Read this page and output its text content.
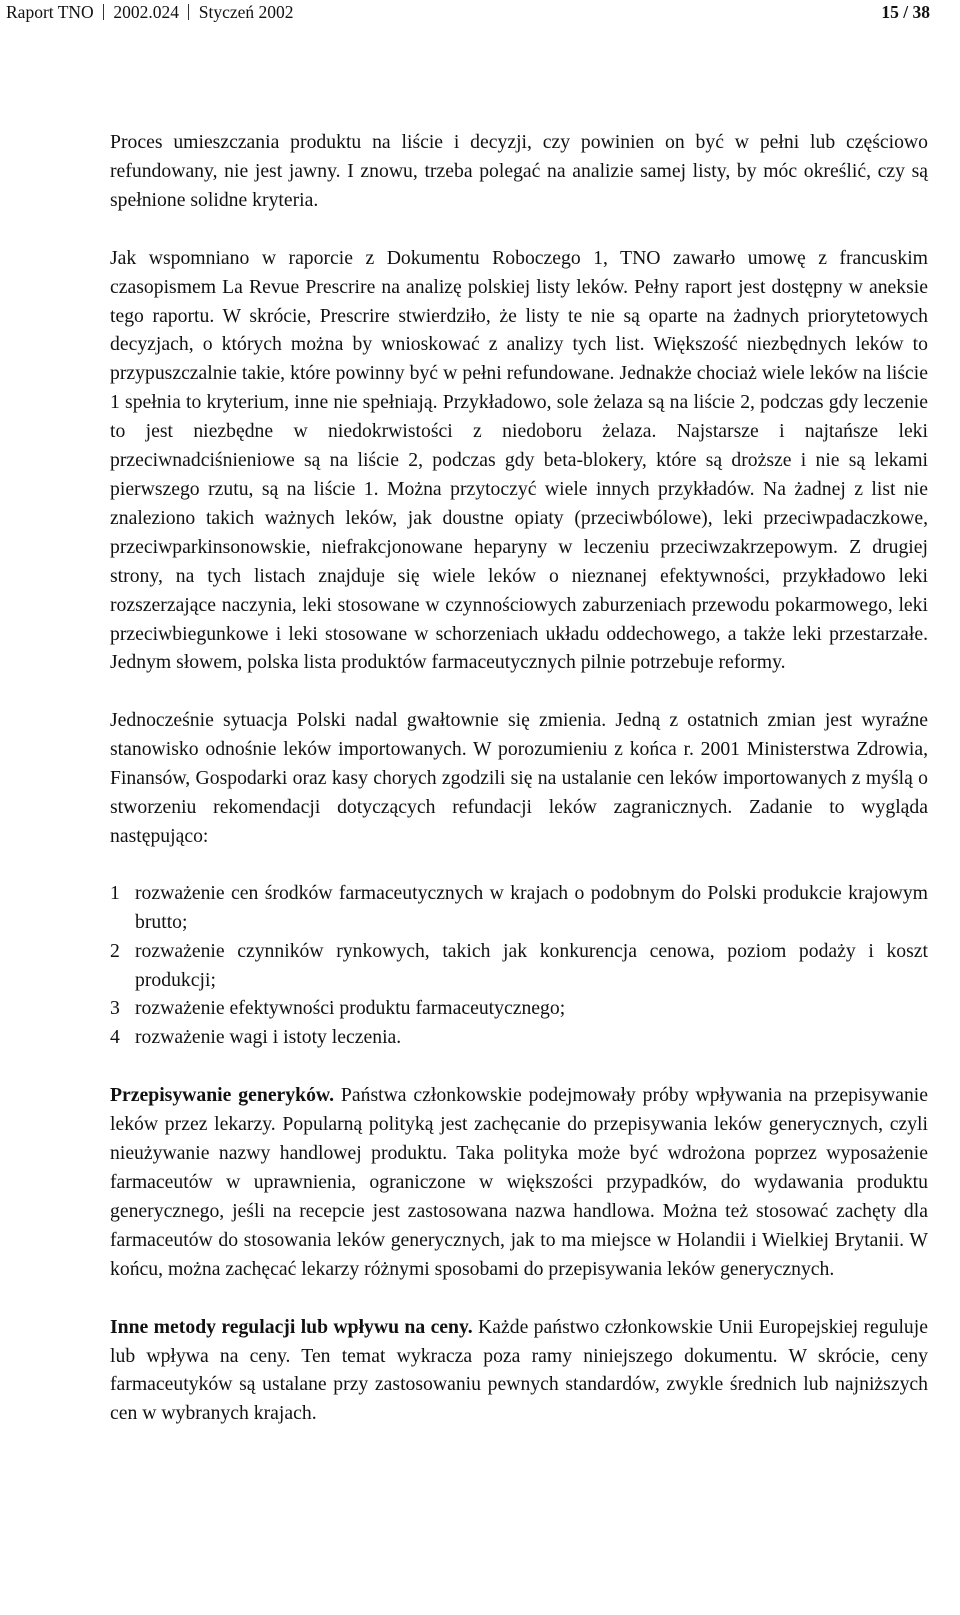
Raport TNO 2002.024 Styczeń 2002	15 / 38

Proces umieszczania produktu na liście i decyzji, czy powinien on być w pełni lub częściowo refundowany, nie jest jawny. I znowu, trzeba polegać na analizie samej listy, by móc określić, czy są spełnione solidne kryteria.

Jak wspomniano w raporcie z Dokumentu Roboczego 1, TNO zawarło umowę z francuskim czasopismem La Revue Prescrire na analizę polskiej listy leków. Pełny raport jest dostępny w aneksie tego raportu. W skrócie, Prescrire stwierdziło, że listy te nie są oparte na żadnych priorytetowych decyzjach, o których można by wnioskować z analizy tych list. Większość niezbędnych leków to przypuszczalnie takie, które powinny być w pełni refundowane. Jednakże chociaż wiele leków na liście 1 spełnia to kryterium, inne nie spełniają. Przykładowo, sole żelaza są na liście 2, podczas gdy leczenie to jest niezbędne w niedokrwistości z niedoboru żelaza. Najstarsze i najtańsze leki przeciwnadciśnieniowe są na liście 2, podczas gdy beta-blokery, które są droższe i nie są lekami pierwszego rzutu, są na liście 1. Można przytoczyć wiele innych przykładów. Na żadnej z list nie znaleziono takich ważnych leków, jak doustne opiaty (przeciwbólowe), leki przeciwpadaczkowe, przeciwparkinsonowskie, niefrakcjonowane heparyny w leczeniu przeciwzakrzepowym. Z drugiej strony, na tych listach znajduje się wiele leków o nieznanej efektywności, przykładowo leki rozszerzające naczynia, leki stosowane w czynnościowych zaburzeniach przewodu pokarmowego, leki przeciwbiegunkowe i leki stosowane w schorzeniach układu oddechowego, a także leki przestarzałe. Jednym słowem, polska lista produktów farmaceutycznych pilnie potrzebuje reformy.

Jednocześnie sytuacja Polski nadal gwałtownie się zmienia. Jedną z ostatnich zmian jest wyraźne stanowisko odnośnie leków importowanych. W porozumieniu z końca r. 2001 Ministerstwa Zdrowia, Finansów, Gospodarki oraz kasy chorych zgodzili się na ustalanie cen leków importowanych z myślą o stworzeniu rekomendacji dotyczących refundacji leków zagranicznych. Zadanie to wygląda następująco:

1 rozważenie cen środków farmaceutycznych w krajach o podobnym do Polski produkcie krajowym brutto;
2 rozważenie czynników rynkowych, takich jak konkurencja cenowa, poziom podaży i koszt produkcji;
3 rozważenie efektywności produktu farmaceutycznego;
4 rozważenie wagi i istoty leczenia.

Przepisywanie generyków. Państwa członkowskie podejmowały próby wpływania na przepisywanie leków przez lekarzy. Popularną polityką jest zachęcanie do przepisywania leków generycznych, czyli nieużywanie nazwy handlowej produktu. Taka polityka może być wdrożona poprzez wyposażenie farmaceutów w uprawnienia, ograniczone w większości przypadków, do wydawania produktu generycznego, jeśli na recepcie jest zastosowana nazwa handlowa. Można też stosować zachęty dla farmaceutów do stosowania leków generycznych, jak to ma miejsce w Holandii i Wielkiej Brytanii. W końcu, można zachęcać lekarzy różnymi sposobami do przepisywania leków generycznych.

Inne metody regulacji lub wpływu na ceny. Każde państwo członkowskie Unii Europejskiej reguluje lub wpływa na ceny. Ten temat wykracza poza ramy niniejszego dokumentu. W skrócie, ceny farmaceutyków są ustalane przy zastosowaniu pewnych standardów, zwykle średnich lub najniższych cen w wybranych krajach.
